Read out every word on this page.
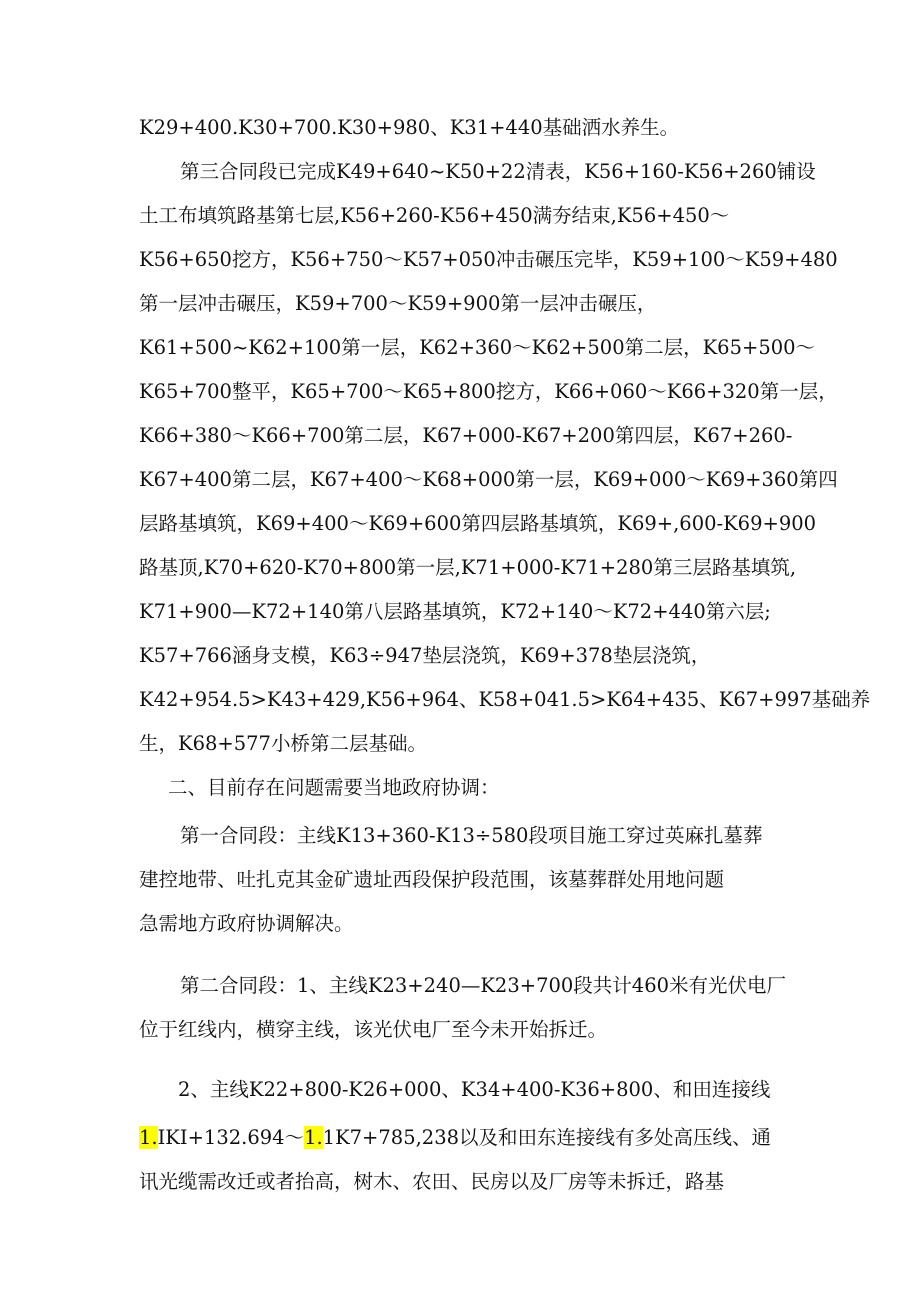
K29+400.K30+700.K30+980、K31+440基础洒水养生。
第三合同段已完成K49+640~K50+22清表，K56+160-K56+260铺设
土工布填筑路基第七层,K56+260-K56+450满夯结束,K56+450～
K56+650挖方，K56+750～K57+050冲击碾压完毕，K59+100～K59+480
第一层冲击碾压，K59+700～K59+900第一层冲击碾压，
K61+500~K62+100第一层，K62+360～K62+500第二层，K65+500～
K65+700整平，K65+700～K65+800挖方，K66+060～K66+320第一层，
K66+380～K66+700第二层，K67+000-K67+200第四层，K67+260-
K67+400第二层，K67+400～K68+000第一层，K69+000～K69+360第四
层路基填筑，K69+400～K69+600第四层路基填筑，K69+,600-K69+900
路基顶,K70+620-K70+800第一层,K71+000-K71+280第三层路基填筑,
K71+900—K72+140第八层路基填筑，K72+140～K72+440第六层;
K57+766涵身支模，K63÷947垫层浇筑，K69+378垫层浇筑，
K42+954.5>K43+429,K56+964、K58+041.5>K64+435、K67+997基础养
生，K68+577小桥第二层基础。
二、目前存在问题需要当地政府协调：
第一合同段：主线K13+360-K13÷580段项目施工穿过英麻扎墓葬
建控地带、吐扎克其金矿遗址西段保护段范围，该墓葬群处用地问题
急需地方政府协调解决。
第二合同段：1、主线K23+240—K23+700段共计460米有光伏电厂
位于红线内，横穿主线，该光伏电厂至今未开始拆迁。
2、主线K22+800-K26+000、K34+400-K36+800、和田连接线
1.IKI+132.694～1.1K7+785,238以及和田东连接线有多处高压线、通
讯光缆需改迁或者抬高，树木、农田、民房以及厂房等未拆迁，路基
